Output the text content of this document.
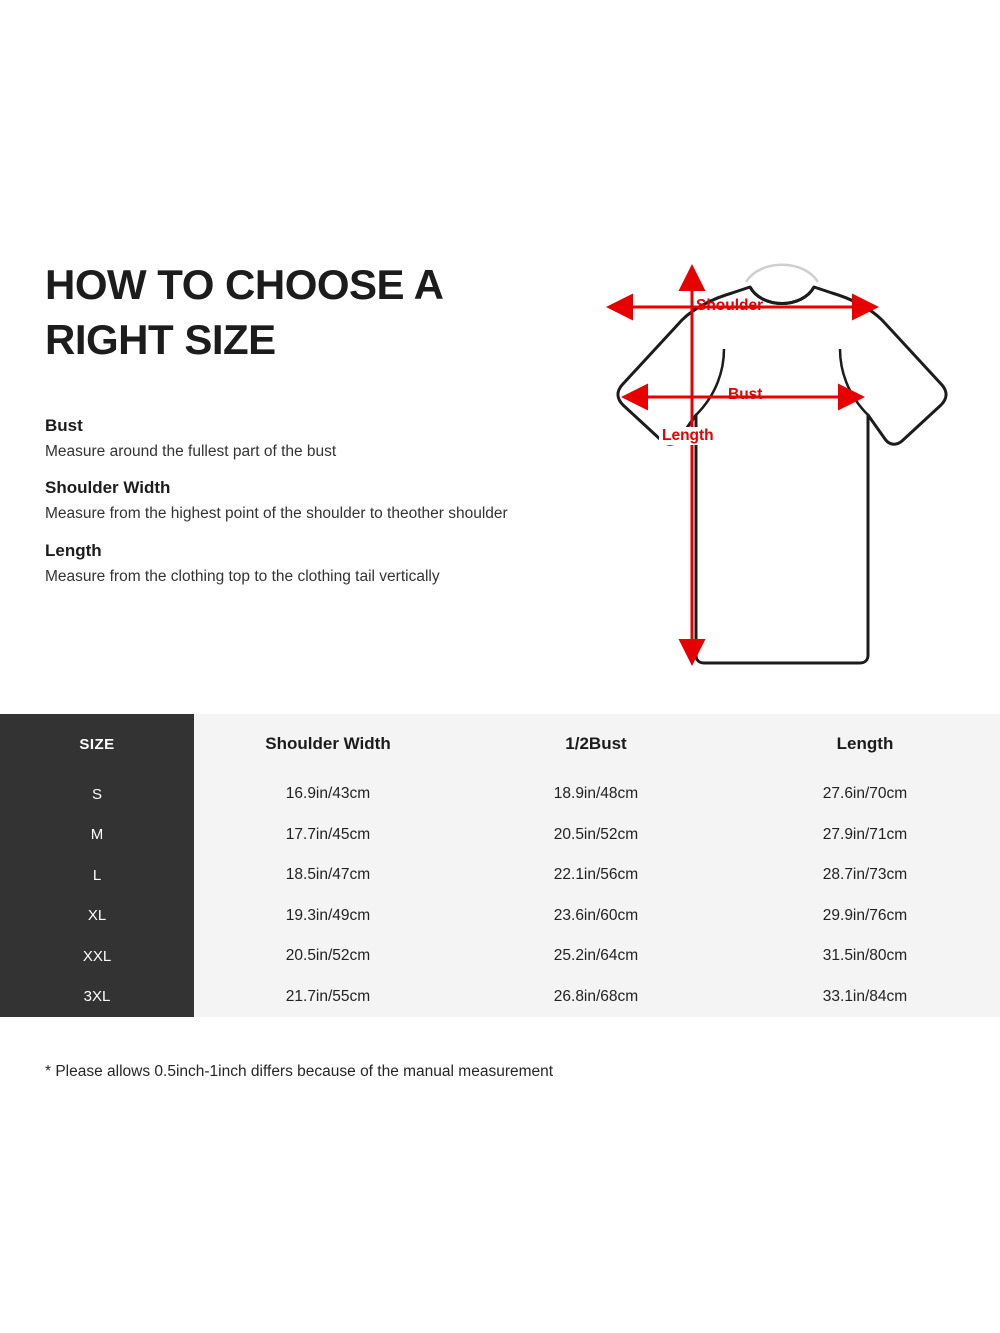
HOW TO CHOOSE A RIGHT SIZE
Bust
Measure around the fullest part of the bust
Shoulder Width
Measure from the highest point of the shoulder to theother shoulder
Length
Measure from the clothing top to the clothing tail vertically
Shoulder
Bust
Length
SIZE	Shoulder Width	1/2Bust	Length
S	16.9in/43cm	18.9in/48cm	27.6in/70cm
M	17.7in/45cm	20.5in/52cm	27.9in/71cm
L	18.5in/47cm	22.1in/56cm	28.7in/73cm
XL	19.3in/49cm	23.6in/60cm	29.9in/76cm
XXL	20.5in/52cm	25.2in/64cm	31.5in/80cm
3XL	21.7in/55cm	26.8in/68cm	33.1in/84cm
* Please allows 0.5inch-1inch differs because of the manual measurement
